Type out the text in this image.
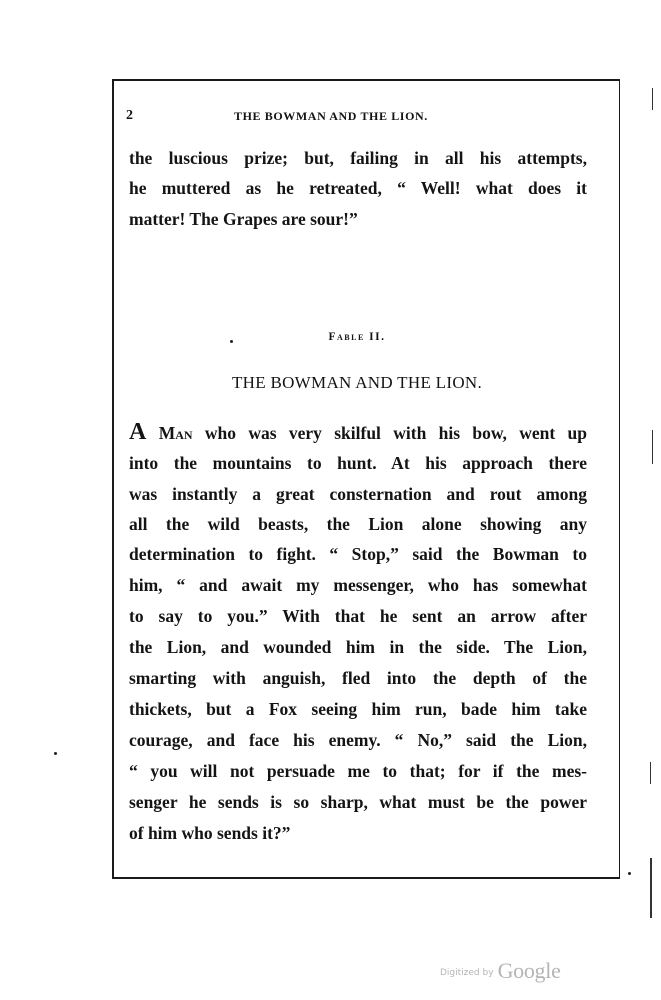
2	THE BOWMAN AND THE LION.
the luscious prize; but, failing in all his attempts,
he muttered as he retreated, “ Well! what does it
matter! The Grapes are sour!”
Fable II.
THE BOWMAN AND THE LION.
A Man who was very skilful with his bow, went up
into the mountains to hunt. At his approach there
was instantly a great consternation and rout among
all the wild beasts, the Lion alone showing any
determination to fight. “ Stop,” said the Bowman to
him, “ and await my messenger, who has somewhat
to say to you.” With that he sent an arrow after
the Lion, and wounded him in the side. The Lion,
smarting with anguish, fled into the depth of the
thickets, but a Fox seeing him run, bade him take
courage, and face his enemy. “ No,” said the Lion,
“ you will not persuade me to that; for if the mes-
senger he sends is so sharp, what must be the power
of him who sends it?”
Digitized by Google
